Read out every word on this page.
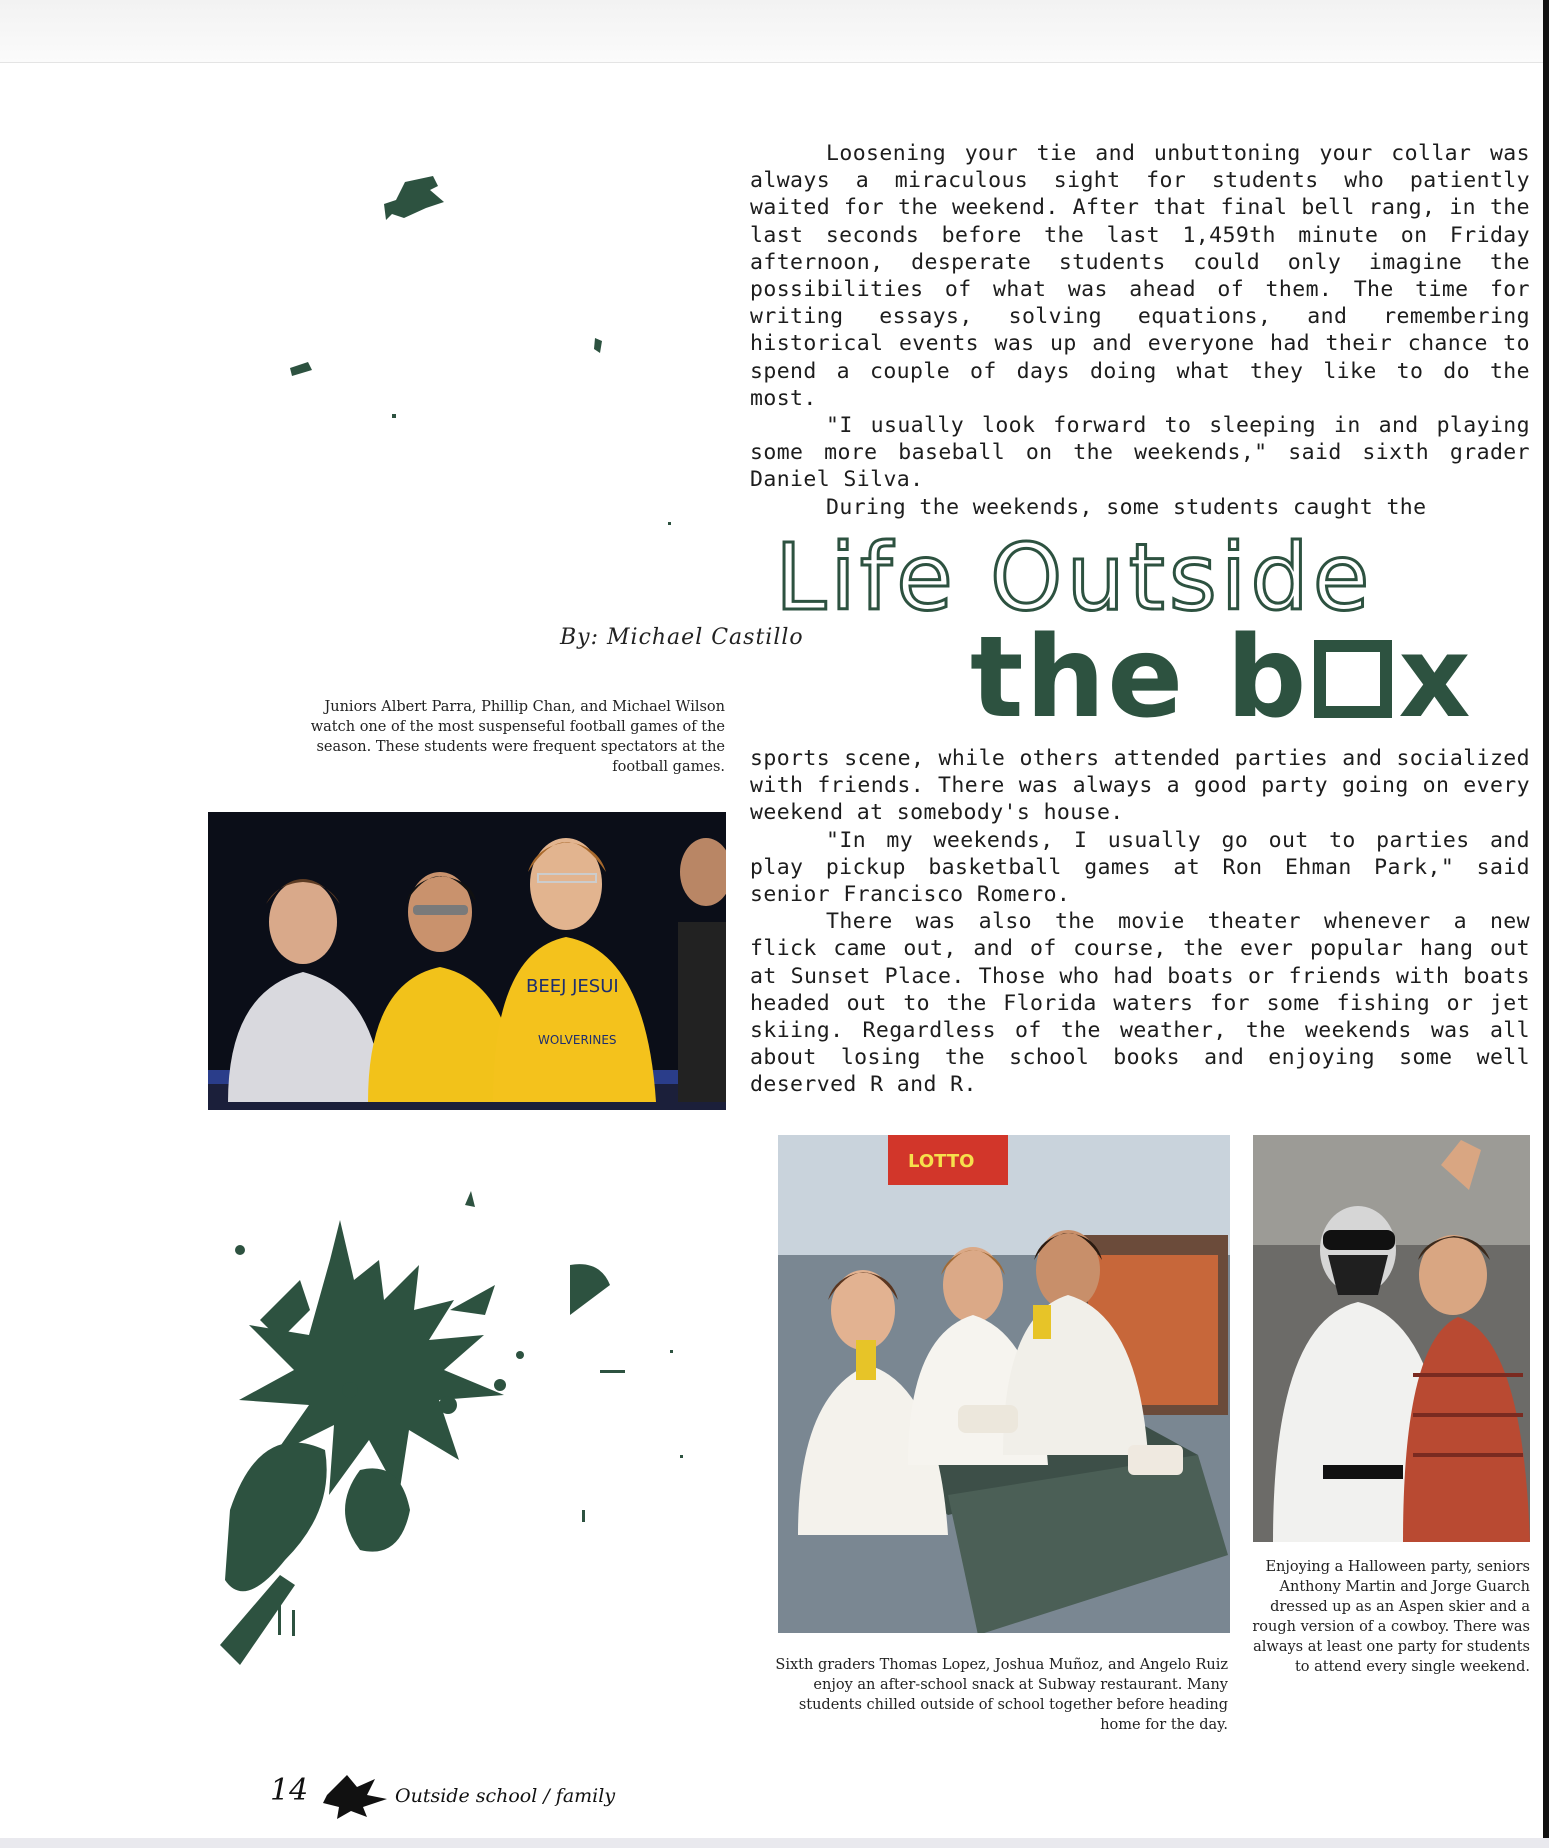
Loosening your tie and unbuttoning your collar was always a miraculous sight for students who patiently waited for the weekend. After that final bell rang, in the last seconds before the last 1,459th minute on Friday afternoon, desperate students could only imagine the possibilities of what was ahead of them. The time for writing essays, solving equations, and remembering historical events was up and everyone had their chance to spend a couple of days doing what they like to do the most.

"I usually look forward to sleeping in and playing some more baseball on the weekends," said sixth grader Daniel Silva.

During the weekends, some students caught the

Life Outside
the b x

sports scene, while others attended parties and socialized with friends. There was always a good party going on every weekend at somebody's house.

"In my weekends, I usually go out to parties and play pickup basketball games at Ron Ehman Park," said senior Francisco Romero.

There was also the movie theater whenever a new flick came out, and of course, the ever popular hang out at Sunset Place. Those who had boats or friends with boats headed out to the Florida waters for some fishing or jet skiing. Regardless of the weather, the weekends was all about losing the school books and enjoying some well deserved R and R.

By: Michael Castillo
Juniors Albert Parra, Phillip Chan, and Michael Wilson watch one of the most suspenseful football games of the season. These students were frequent spectators at the football games.
BEEJ JESUI
WOLVERINES
LOTTO
Sixth graders Thomas Lopez, Joshua Muñoz, and Angelo Ruiz enjoy an after-school snack at Subway restaurant. Many students chilled outside of school together before heading home for the day.
Enjoying a Halloween party, seniors Anthony Martin and Jorge Guarch dressed up as an Aspen skier and a rough version of a cowboy. There was always at least one party for students to attend every single weekend.
14	Outside school / family
